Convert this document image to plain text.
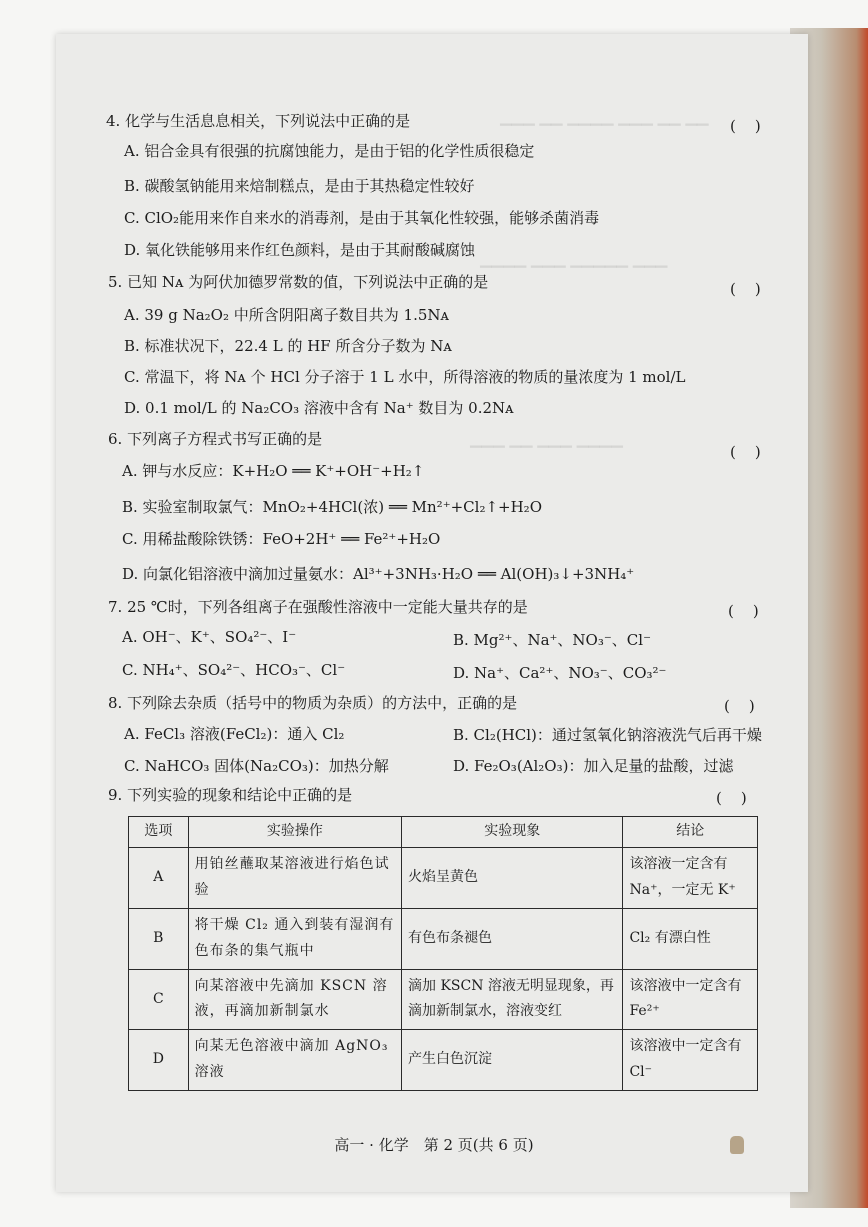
▁▁▁ ▁▁ ▁▁▁▁ ▁▁▁ ▁▁ ▁▁
▁▁▁▁ ▁▁▁ ▁▁▁▁▁ ▁▁▁
▁▁▁ ▁▁ ▁▁▁ ▁▁▁▁
4. 化学与生活息息相关，下列说法中正确的是	(    )
A. 铝合金具有很强的抗腐蚀能力，是由于铝的化学性质很稳定
B. 碳酸氢钠能用来焙制糕点，是由于其热稳定性较好
C. ClO₂能用来作自来水的消毒剂，是由于其氧化性较强，能够杀菌消毒
D. 氧化铁能够用来作红色颜料，是由于其耐酸碱腐蚀
5. 已知 Nᴀ 为阿伏加德罗常数的值，下列说法中正确的是	(    )
A. 39 g Na₂O₂ 中所含阴阳离子数目共为 1.5Nᴀ
B. 标准状况下，22.4 L 的 HF 所含分子数为 Nᴀ
C. 常温下，将 Nᴀ 个 HCl 分子溶于 1 L 水中，所得溶液的物质的量浓度为 1 mol/L
D. 0.1 mol/L 的 Na₂CO₃ 溶液中含有 Na⁺ 数目为 0.2Nᴀ
6. 下列离子方程式书写正确的是
(    )
A. 钾与水反应：K+H₂O ══ K⁺+OH⁻+H₂↑
B. 实验室制取氯气：MnO₂+4HCl(浓) ══ Mn²⁺+Cl₂↑+H₂O
C. 用稀盐酸除铁锈：FeO+2H⁺ ══ Fe²⁺+H₂O
D. 向氯化铝溶液中滴加过量氨水：Al³⁺+3NH₃·H₂O ══ Al(OH)₃↓+3NH₄⁺
7. 25 ℃时，下列各组离子在强酸性溶液中一定能大量共存的是	(    )
A. OH⁻、K⁺、SO₄²⁻、I⁻	B. Mg²⁺、Na⁺、NO₃⁻、Cl⁻
C. NH₄⁺、SO₄²⁻、HCO₃⁻、Cl⁻	D. Na⁺、Ca²⁺、NO₃⁻、CO₃²⁻
8. 下列除去杂质（括号中的物质为杂质）的方法中，正确的是	(    )
A. FeCl₃ 溶液(FeCl₂)：通入 Cl₂	B. Cl₂(HCl)：通过氢氧化钠溶液洗气后再干燥
C. NaHCO₃ 固体(Na₂CO₃)：加热分解	D. Fe₂O₃(Al₂O₃)：加入足量的盐酸，过滤
9. 下列实验的现象和结论中正确的是	(    )
选项	实验操作	实验现象	结论
A	用铂丝蘸取某溶液进行焰色试验	火焰呈黄色	该溶液一定含有 Na⁺，一定无 K⁺
B	将干燥 Cl₂ 通入到装有湿润有色布条的集气瓶中	有色布条褪色	Cl₂ 有漂白性
C	向某溶液中先滴加 KSCN 溶液，再滴加新制氯水	滴加 KSCN 溶液无明显现象，再滴加新制氯水，溶液变红	该溶液中一定含有 Fe²⁺
D	向某无色溶液中滴加 AgNO₃ 溶液	产生白色沉淀	该溶液中一定含有 Cl⁻
高一 · 化学　第 2 页(共 6 页)
